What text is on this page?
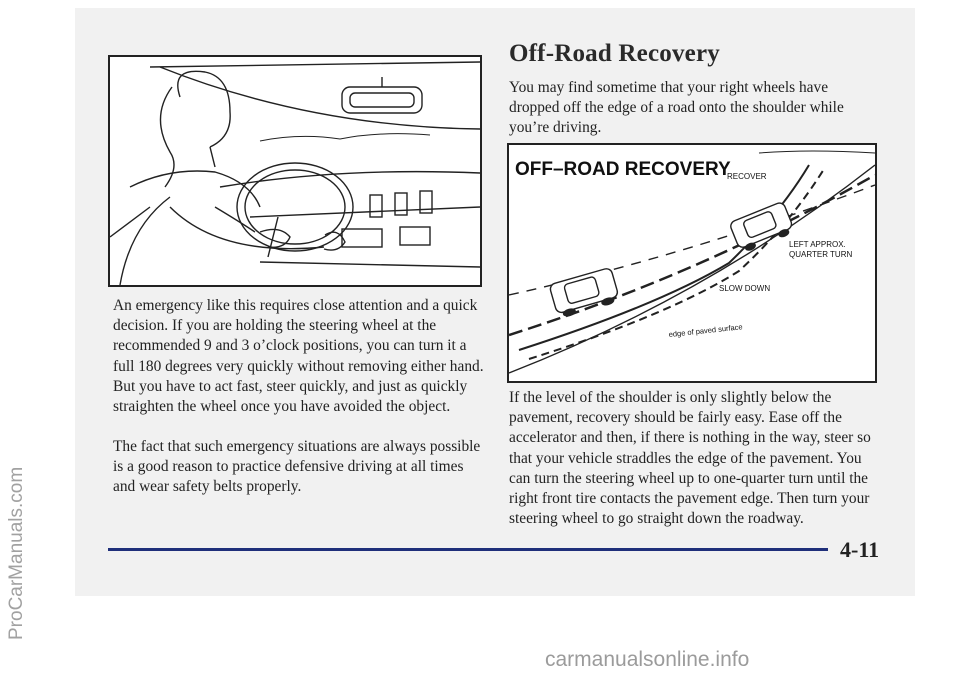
An emergency like this requires close attention and a quick decision. If you are holding the steering wheel at the recommended 9 and 3 o’clock positions, you can turn it a full 180 degrees very quickly without removing either hand. But you have to act fast, steer quickly, and just as quickly straighten the wheel once you have avoided the object.

The fact that such emergency situations are always possible is a good reason to practice defensive driving at all times and wear safety belts properly.

Off-Road Recovery

You may find sometime that your right wheels have dropped off the edge of a road onto the shoulder while you’re driving.

OFF–ROAD RECOVERY
RECOVER
LEFT APPROX.
QUARTER TURN
SLOW DOWN
edge of paved surface

If the level of the shoulder is only slightly below the pavement, recovery should be fairly easy. Ease off the accelerator and then, if there is nothing in the way, steer so that your vehicle straddles the edge of the pavement. You can turn the steering wheel up to one-quarter turn until the right front tire contacts the pavement edge. Then turn your steering wheel to go straight down the roadway.

4-11

ProCarManuals.com
carmanualsonline.info
